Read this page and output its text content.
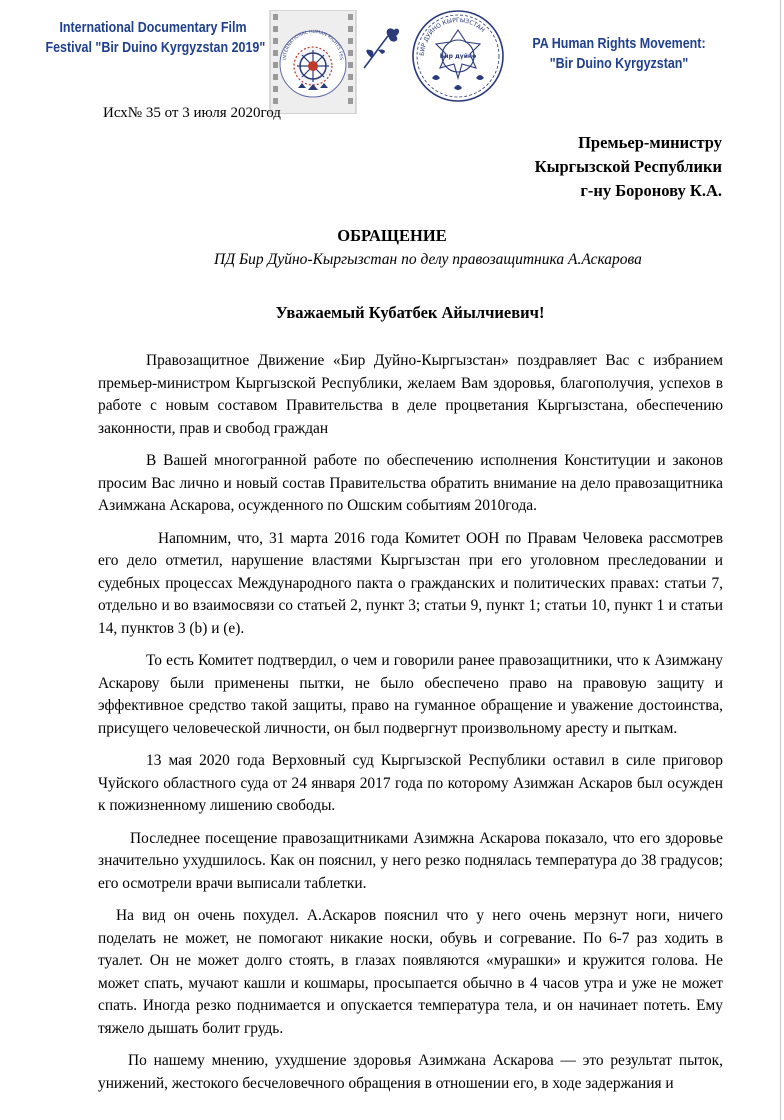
International Documentary Film
Festival "Bir Duino Kyrgyzstan 2019"
INTERNATIONAL HUMAN RIGHTS FES
БИР ДУЙНО КЫРГЫЗСТАН
Бир дүйнө
PA Human Rights Movement:
"Bir Duino Kyrgyzstan"
Исх№ 35 от 3 июля 2020год
Премьер-министру
Кыргызской Республики
г-ну Боронову К.А.
ОБРАЩЕНИЕ
ПД Бир Дуйно-Кыргызстан по делу правозащитника А.Аскарова
Уважаемый Кубатбек Айылчиевич!

Правозащитное Движение «Бир Дуйно-Кыргызстан» поздравляет Вас с избранием премьер-министром Кыргызской Республики, желаем Вам здоровья, благополучия, успехов в работе с новым составом Правительства в деле процветания Кыргызстана, обеспечению законности, прав и свобод граждан

В Вашей многогранной работе по обеспечению исполнения Конституции и законов просим Вас лично и новый состав Правительства обратить внимание на дело правозащитника Азимжана Аскарова, осужденного по Ошским событиям 2010года.

Напомним, что, 31 марта 2016 года Комитет ООН по Правам Человека рассмотрев его дело отметил, нарушение властями Кыргызстан при его уголовном преследовании и судебных процессах Международного пакта о гражданских и политических правах: статьи 7, отдельно и во взаимосвязи со статьей 2, пункт 3; статьи 9, пункт 1; статьи 10, пункт 1 и статьи 14, пунктов 3 (b) и (e).

То есть Комитет подтвердил, о чем и говорили ранее правозащитники, что к Азимжану Аскарову были применены пытки, не было обеспечено право на правовую защиту и эффективное средство такой защиты, право на гуманное обращение и уважение достоинства, присущего человеческой личности, он был подвергнут произвольному аресту и пыткам.

13 мая 2020 года Верховный суд Кыргызской Республики оставил в силе приговор Чуйского областного суда от 24 января 2017 года по которому Азимжан Аскаров был осужден к пожизненному лишению свободы.

Последнее посещение правозащитниками Азимжна Аскарова показало, что его здоровье значительно ухудшилось. Как он пояснил, у него резко поднялась температура до 38 градусов; его осмотрели врачи выписали таблетки.

На вид он очень похудел. А.Аскаров пояснил что у него очень мерзнут ноги, ничего поделать не может, не помогают никакие носки, обувь и согревание. По 6-7 раз ходить в туалет. Он не может долго стоять, в глазах появляются «мурашки» и кружится голова. Не может спать, мучают кашли и кошмары, просыпается обычно в 4 часов утра и уже не может спать. Иногда резко поднимается и опускается температура тела, и он начинает потеть. Ему тяжело дышать болит грудь.

По нашему мнению, ухудшение здоровья Азимжана Аскарова — это результат пыток, унижений, жестокого бесчеловечного обращения в отношении его, в ходе задержания и
